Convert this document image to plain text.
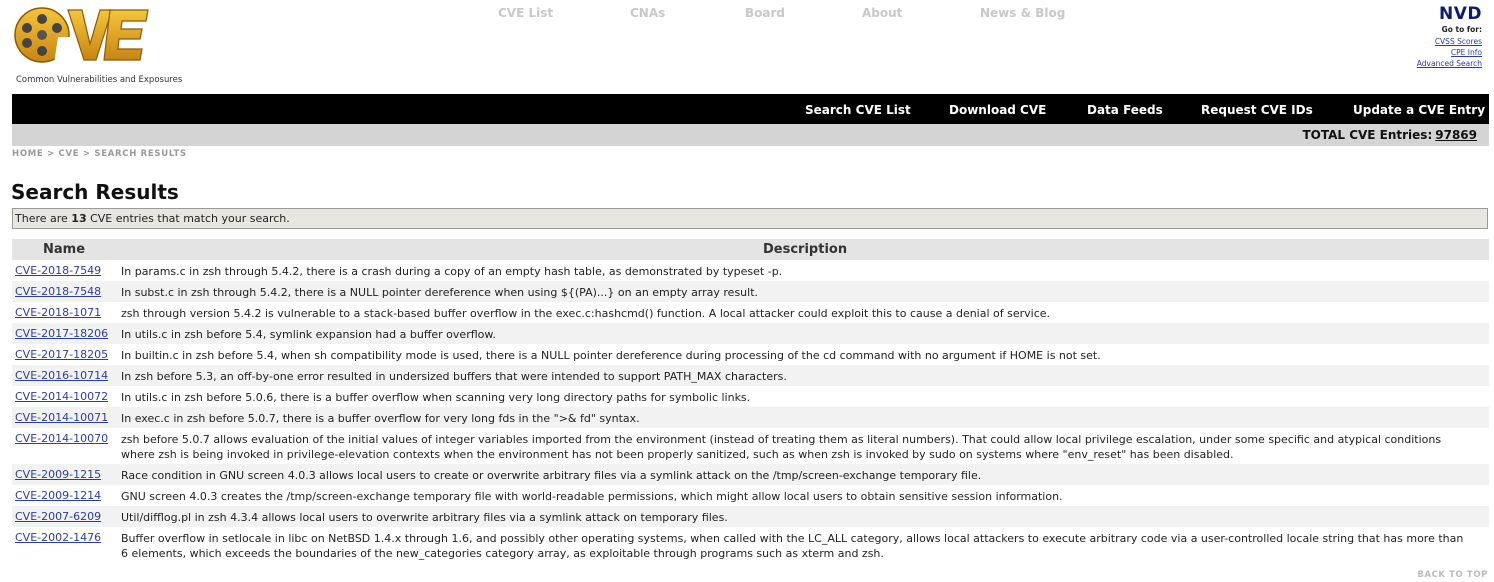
Common Vulnerabilities and Exposures
CVE List	CNAs	Board	About	News & Blog	NVD
Go to for:
CVSS Scores
CPE Info
Advanced Search
Search CVE List	Download CVE	Data Feeds	Request CVE IDs	Update a CVE Entry
TOTAL CVE Entries: 97869
HOME > CVE > SEARCH RESULTS
Search Results
There are 13 CVE entries that match your search.
Name	Description
CVE-2018-7549 In params.c in zsh through 5.4.2, there is a crash during a copy of an empty hash table, as demonstrated by typeset -p.
CVE-2018-7548 In subst.c in zsh through 5.4.2, there is a NULL pointer dereference when using ${(PA)...} on an empty array result.
CVE-2018-1071 zsh through version 5.4.2 is vulnerable to a stack-based buffer overflow in the exec.c:hashcmd() function. A local attacker could exploit this to cause a denial of service.
CVE-2017-18206 In utils.c in zsh before 5.4, symlink expansion had a buffer overflow.
CVE-2017-18205 In builtin.c in zsh before 5.4, when sh compatibility mode is used, there is a NULL pointer dereference during processing of the cd command with no argument if HOME is not set.
CVE-2016-10714 In zsh before 5.3, an off-by-one error resulted in undersized buffers that were intended to support PATH_MAX characters.
CVE-2014-10072 In utils.c in zsh before 5.0.6, there is a buffer overflow when scanning very long directory paths for symbolic links.
CVE-2014-10071 In exec.c in zsh before 5.0.7, there is a buffer overflow for very long fds in the ">& fd" syntax.
CVE-2014-10070 zsh before 5.0.7 allows evaluation of the initial values of integer variables imported from the environment (instead of treating them as literal numbers). That could allow local privilege escalation, under some specific and atypical conditions where zsh is being invoked in privilege-elevation contexts when the environment has not been properly sanitized, such as when zsh is invoked by sudo on systems where "env_reset" has been disabled.
CVE-2009-1215 Race condition in GNU screen 4.0.3 allows local users to create or overwrite arbitrary files via a symlink attack on the /tmp/screen-exchange temporary file.
CVE-2009-1214 GNU screen 4.0.3 creates the /tmp/screen-exchange temporary file with world-readable permissions, which might allow local users to obtain sensitive session information.
CVE-2007-6209 Util/difflog.pl in zsh 4.3.4 allows local users to overwrite arbitrary files via a symlink attack on temporary files.
CVE-2002-1476 Buffer overflow in setlocale in libc on NetBSD 1.4.x through 1.6, and possibly other operating systems, when called with the LC_ALL category, allows local attackers to execute arbitrary code via a user-controlled locale string that has more than 6 elements, which exceeds the boundaries of the new_categories category array, as exploitable through programs such as xterm and zsh.
BACK TO TOP
